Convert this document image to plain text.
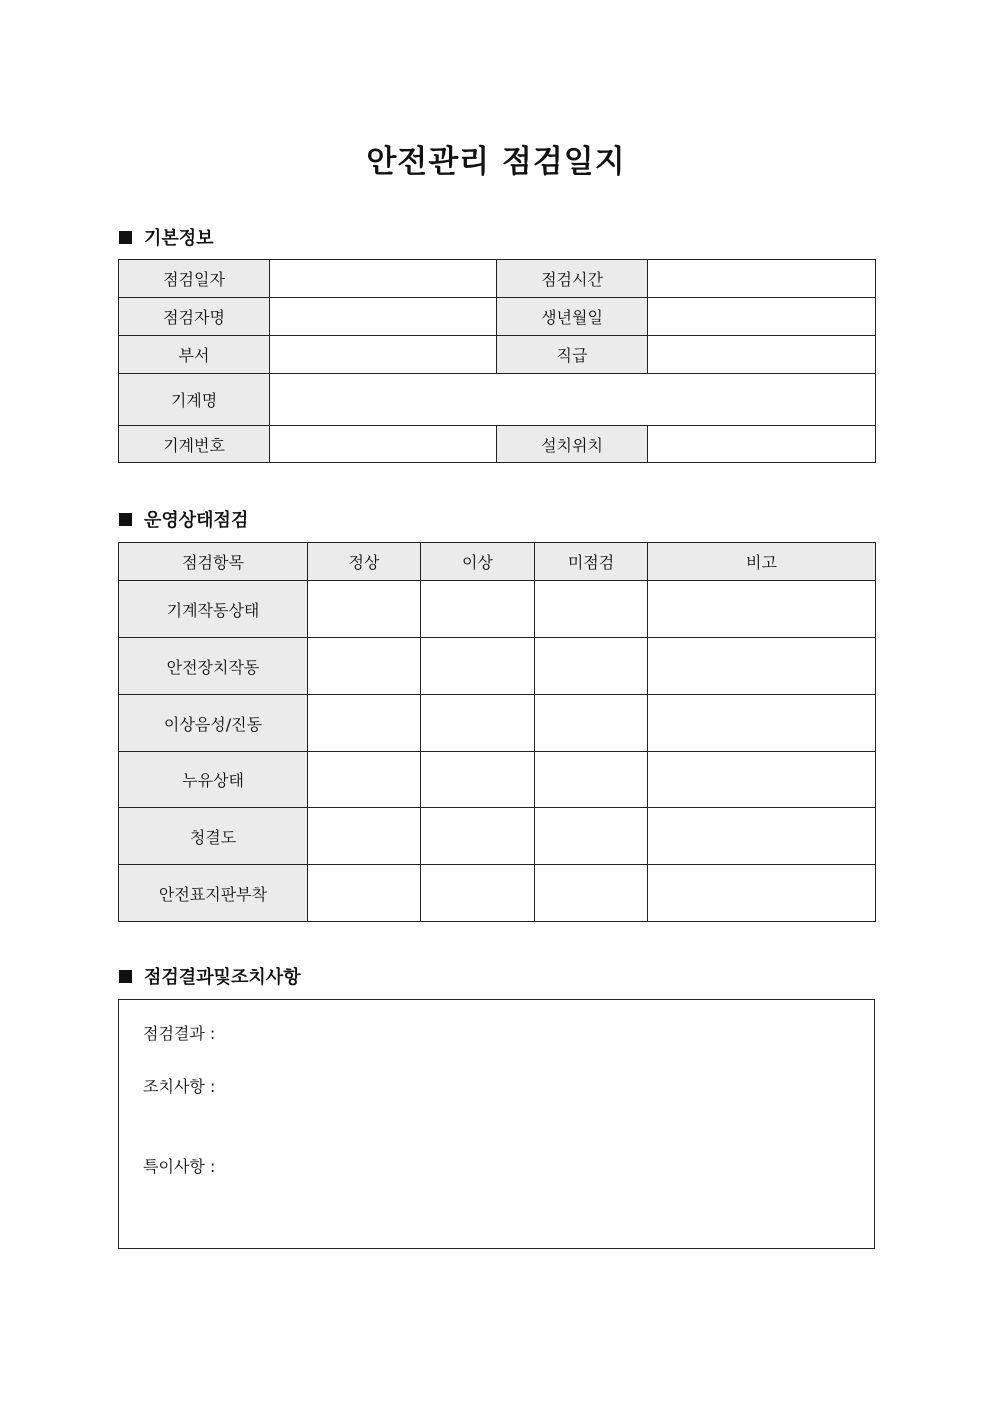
안전관리 점검일지
기본정보
점검일자		점검시간	
점검자명		생년월일	
부서		직급	
기계명			
기계번호		설치위치	
운영상태점검
점검항목	정상	이상	미점검	비고
기계작동상태				
안전장치작동				
이상음성/진동				
누유상태				
청결도				
안전표지판부착				
점검결과및조치사항
점검결과 :
조치사항 :
특이사항 :
